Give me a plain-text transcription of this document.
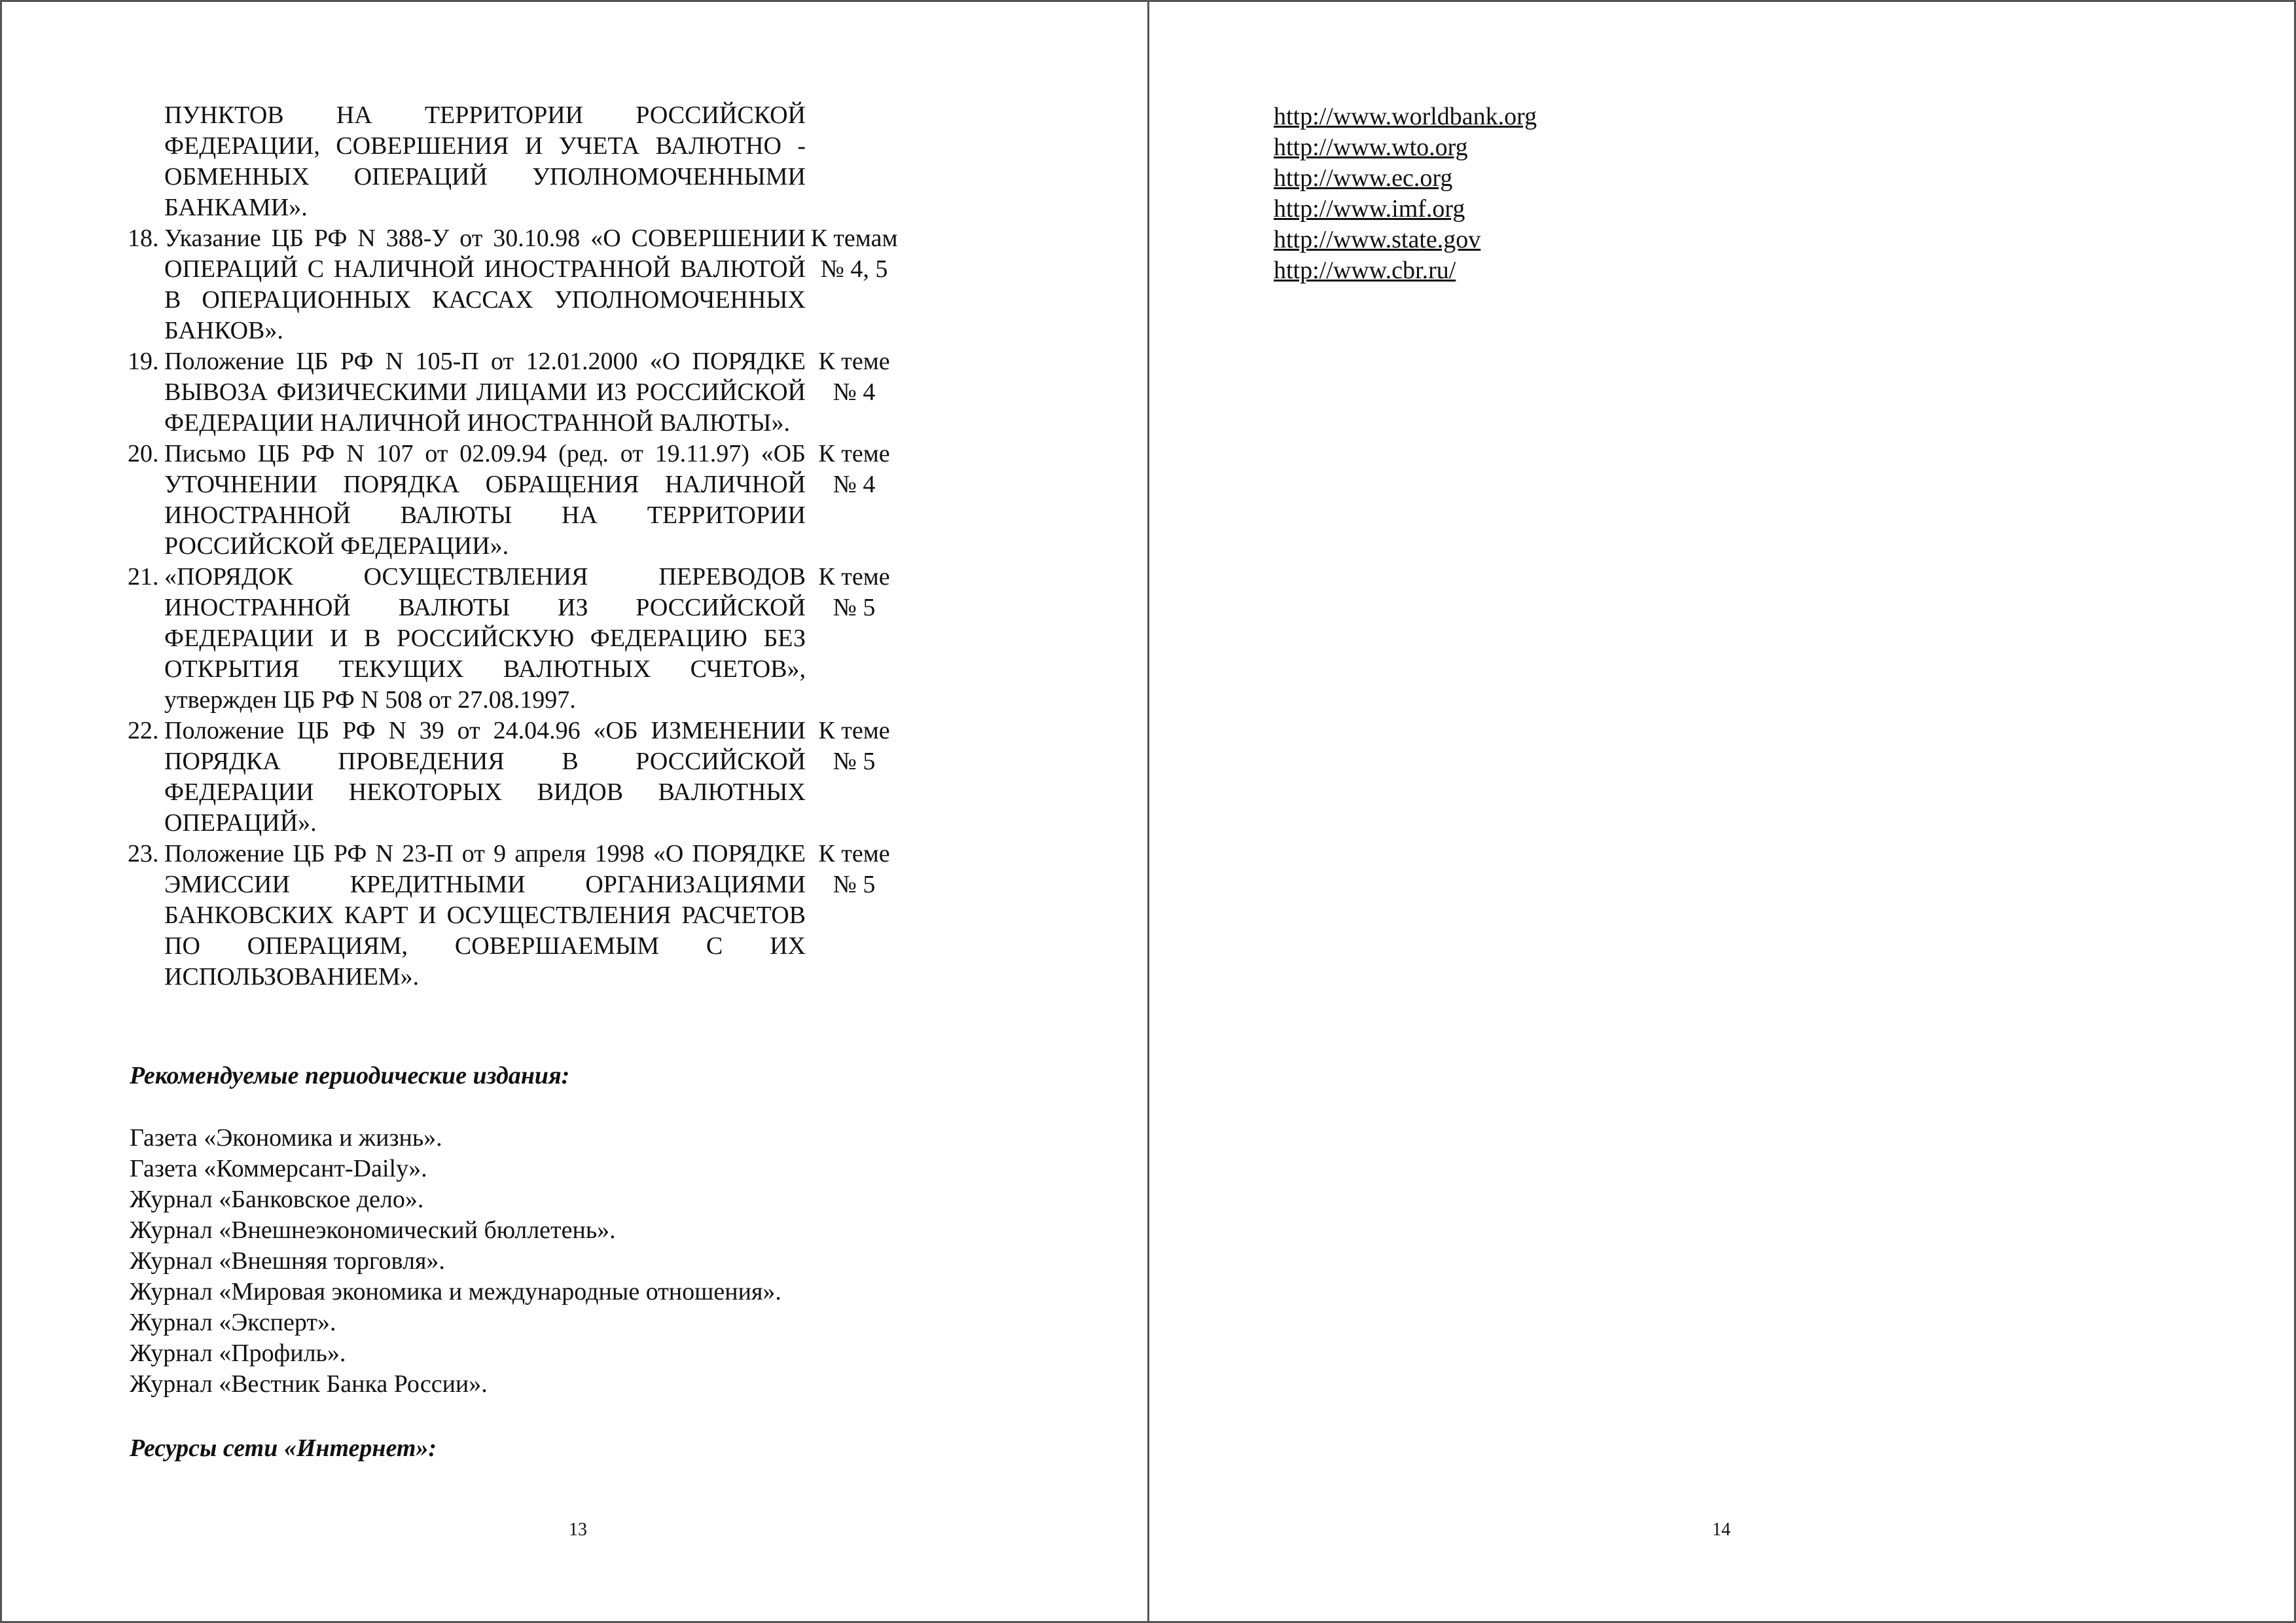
ПУНКТОВ НА ТЕРРИТОРИИ РОССИЙСКОЙ ФЕДЕРАЦИИ, СОВЕРШЕНИЯ И УЧЕТА ВАЛЮТНО - ОБМЕННЫХ ОПЕРАЦИЙ УПОЛНОМОЧЕННЫМИ БАНКАМИ».
18. Указание ЦБ РФ N 388-У от 30.10.98 «О СОВЕРШЕНИИ ОПЕРАЦИЙ С НАЛИЧНОЙ ИНОСТРАННОЙ ВАЛЮТОЙ В ОПЕРАЦИОННЫХ КАССАХ УПОЛНОМОЧЕННЫХ БАНКОВ».
К темам
№ 4, 5
19. Положение ЦБ РФ N 105-П от 12.01.2000 «О ПОРЯДКЕ ВЫВОЗА ФИЗИЧЕСКИМИ ЛИЦАМИ ИЗ РОССИЙСКОЙ ФЕДЕРАЦИИ НАЛИЧНОЙ ИНОСТРАННОЙ ВАЛЮТЫ».
К теме
№ 4
20. Письмо ЦБ РФ N 107 от 02.09.94 (ред. от 19.11.97) «ОБ УТОЧНЕНИИ ПОРЯДКА ОБРАЩЕНИЯ НАЛИЧНОЙ ИНОСТРАННОЙ ВАЛЮТЫ НА ТЕРРИТОРИИ РОССИЙСКОЙ ФЕДЕРАЦИИ».
К теме
№ 4
21. «ПОРЯДОК ОСУЩЕСТВЛЕНИЯ ПЕРЕВОДОВ ИНОСТРАННОЙ ВАЛЮТЫ ИЗ РОССИЙСКОЙ ФЕДЕРАЦИИ И В РОССИЙСКУЮ ФЕДЕРАЦИЮ БЕЗ ОТКРЫТИЯ ТЕКУЩИХ ВАЛЮТНЫХ СЧЕТОВ», утвержден ЦБ РФ N 508 от 27.08.1997.
К теме
№ 5
22. Положение ЦБ РФ N 39 от 24.04.96 «ОБ ИЗМЕНЕНИИ ПОРЯДКА ПРОВЕДЕНИЯ В РОССИЙСКОЙ ФЕДЕРАЦИИ НЕКОТОРЫХ ВИДОВ ВАЛЮТНЫХ ОПЕРАЦИЙ».
К теме
№ 5
23. Положение ЦБ РФ N 23-П от 9 апреля 1998 «О ПОРЯДКЕ ЭМИССИИ КРЕДИТНЫМИ ОРГАНИЗАЦИЯМИ БАНКОВСКИХ КАРТ И ОСУЩЕСТВЛЕНИЯ РАСЧЕТОВ ПО ОПЕРАЦИЯМ, СОВЕРШАЕМЫМ С ИХ ИСПОЛЬЗОВАНИЕМ».
К теме
№ 5
Рекомендуемые периодические издания:
Газета «Экономика и жизнь».
Газета «Коммерсант-Daily».
Журнал «Банковское дело».
Журнал «Внешнеэкономический бюллетень».
Журнал «Внешняя торговля».
Журнал «Мировая экономика и международные отношения».
Журнал «Эксперт».
Журнал «Профиль».
Журнал «Вестник Банка России».
Ресурсы сети «Интернет»:
13
http://www.worldbank.org
http://www.wto.org
http://www.ec.org
http://www.imf.org
http://www.state.gov
http://www.cbr.ru/
14
